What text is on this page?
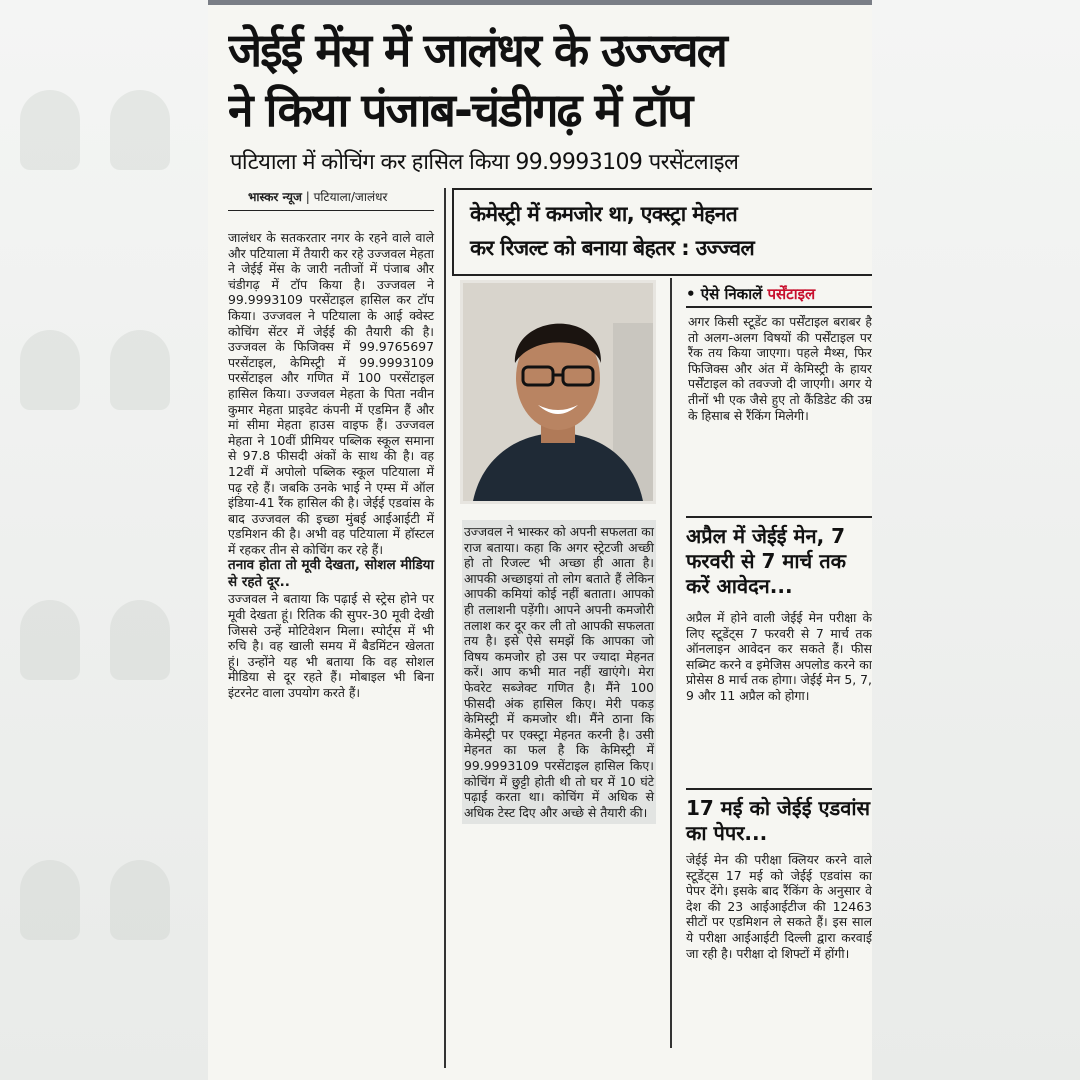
जेईई मेंस में जालंधर के उज्ज्वल
ने किया पंजाब-चंडीगढ़ में टॉप
पटियाला में कोचिंग कर हासिल किया 99.9993109 परसेंटलाइल
भास्कर न्यूज | पटियाला/जालंधर

जालंधर के सतकरतार नगर के रहने वाले वाले और पटियाला में तैयारी कर रहे उज्जवल मेहता ने जेईई मेंस के जारी नतीजों में पंजाब और चंडीगढ़ में टॉप किया है। उज्जवल ने 99.9993109 परसेंटाइल हासिल कर टॉप किया। उज्जवल ने पटियाला के आई क्वेस्ट कोचिंग सेंटर में जेईई की तैयारी की है। उज्जवल के फिजिक्स में 99.9765697 परसेंटाइल, केमिस्ट्री में 99.9993109 परसेंटाइल और गणित में 100 परसेंटाइल हासिल किया। उज्जवल मेहता के पिता नवीन कुमार मेहता प्राइवेट कंपनी में एडमिन हैं और मां सीमा मेहता हाउस वाइफ हैं। उज्जवल मेहता ने 10वीं प्रीमियर पब्लिक स्कूल समाना से 97.8 फीसदी अंकों के साथ की है। वह 12वीं में अपोलो पब्लिक स्कूल पटियाला में पढ़ रहे हैं। जबकि उनके भाई ने एम्स में ऑल इंडिया-41 रैंक हासिल की है। जेईई एडवांस के बाद उज्जवल की इच्छा मुंबई आईआईटी में एडमिशन की है। अभी वह पटियाला में हॉस्टल में रहकर तीन से कोचिंग कर रहे हैं।

तनाव होता तो मूवी देखता, सोशल मीडिया से रहते दूर..

उज्जवल ने बताया कि पढ़ाई से स्ट्रेस होने पर मूवी देखता हूं। रितिक की सुपर-30 मूवी देखी जिससे उन्हें मोटिवेशन मिला। स्पोर्ट्स में भी रुचि है। वह खाली समय में बैडमिंटन खेलता हूं। उन्होंने यह भी बताया कि वह सोशल मीडिया से दूर रहते हैं। मोबाइल भी बिना इंटरनेट वाला उपयोग करते हैं।

केमेस्ट्री में कमजोर था, एक्स्ट्रा मेहनत
कर रिजल्ट को बनाया बेहतर : उज्ज्वल
उज्जवल ने भास्कर को अपनी सफलता का राज बताया। कहा कि अगर स्ट्रेटजी अच्छी हो तो रिजल्ट भी अच्छा ही आता है। आपकी अच्छाइयां तो लोग बताते हैं लेकिन आपकी कमियां कोई नहीं बताता। आपको ही तलाशनी पड़ेंगी। आपने अपनी कमजोरी तलाश कर दूर कर ली तो आपकी सफलता तय है। इसे ऐसे समझें कि आपका जो विषय कमजोर हो उस पर ज्यादा मेहनत करें। आप कभी मात नहीं खाएंगे। मेरा फेवरेट सब्जेक्ट गणित है। मैंने 100 फीसदी अंक हासिल किए। मेरी पकड़ केमिस्ट्री में कमजोर थी। मैंने ठाना कि केमेस्ट्री पर एक्स्ट्रा मेहनत करनी है। उसी मेहनत का फल है कि केमिस्ट्री में 99.9993109 परसेंटाइल हासिल किए। कोचिंग में छुट्टी होती थी तो घर में 10 घंटे पढ़ाई करता था। कोचिंग में अधिक से अधिक टेस्ट दिए और अच्छे से तैयारी की।
• ऐसे निकालें पर्सेंटाइल
अगर किसी स्टूडेंट का पर्सेंटाइल बराबर है तो अलग-अलग विषयों की पर्सेंटाइल पर रैंक तय किया जाएगा। पहले मैथ्स, फिर फिजिक्स और अंत में केमिस्ट्री के हायर पर्सेंटाइल को तवज्जो दी जाएगी। अगर ये तीनों भी एक जैसे हुए तो कैंडिडेट की उम्र के हिसाब से रैंकिंग मिलेगी।
अप्रैल में जेईई मेन, 7 फरवरी से 7 मार्च तक करें आवेदन...
अप्रैल में होने वाली जेईई मेन परीक्षा के लिए स्टूडेंट्स 7 फरवरी से 7 मार्च तक ऑनलाइन आवेदन कर सकते हैं। फीस सब्मिट करने व इमेजिस अपलोड करने का प्रोसेस 8 मार्च तक होगा। जेईई मेन 5, 7, 9 और 11 अप्रैल को होगा।
17 मई को जेईई एडवांस का पेपर...
जेईई मेन की परीक्षा क्लियर करने वाले स्टूडेंट्स 17 मई को जेईई एडवांस का पेपर देंगे। इसके बाद रैंकिंग के अनुसार वे देश की 23 आईआईटीज की 12463 सीटों पर एडमिशन ले सकते हैं। इस साल ये परीक्षा आईआईटी दिल्ली द्वारा करवाई जा रही है। परीक्षा दो शिफ्टों में होंगी।
